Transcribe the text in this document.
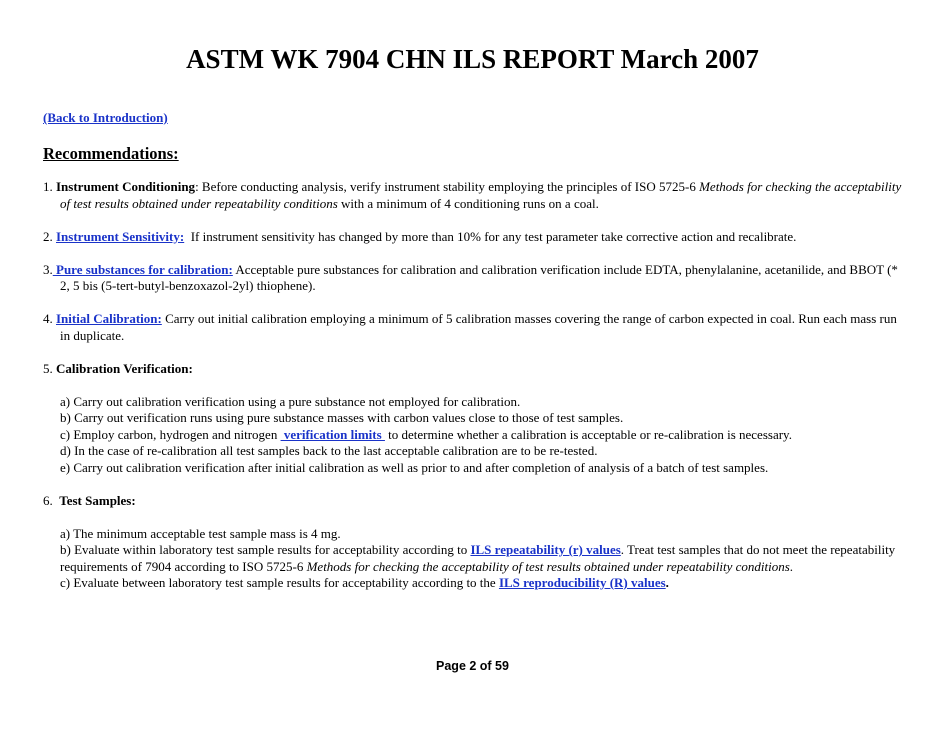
ASTM WK 7904 CHN ILS REPORT March 2007
(Back to Introduction)
Recommendations:
1. Instrument Conditioning: Before conducting analysis, verify instrument stability employing the principles of ISO 5725-6 Methods for checking the acceptability of test results obtained under repeatability conditions with a minimum of 4 conditioning runs on a coal.
2. Instrument Sensitivity:  If instrument sensitivity has changed by more than 10% for any test parameter take corrective action and recalibrate.
3. Pure substances for calibration: Acceptable pure substances for calibration and calibration verification include EDTA, phenylalanine, acetanilide, and BBOT (* 2, 5 bis (5-tert-butyl-benzoxazol-2yl) thiophene).
4. Initial Calibration: Carry out initial calibration employing a minimum of 5 calibration masses covering the range of carbon expected in coal. Run each mass run in duplicate.
5. Calibration Verification:
a) Carry out calibration verification using a pure substance not employed for calibration.
b) Carry out verification runs using pure substance masses with carbon values close to those of test samples.
c) Employ carbon, hydrogen and nitrogen  verification limits  to determine whether a calibration is acceptable or re-calibration is necessary.
d) In the case of re-calibration all test samples back to the last acceptable calibration are to be re-tested.
e) Carry out calibration verification after initial calibration as well as prior to and after completion of analysis of a batch of test samples.
6. Test Samples:
a) The minimum acceptable test sample mass is 4 mg.
b) Evaluate within laboratory test sample results for acceptability according to ILS repeatability (r) values. Treat test samples that do not meet the repeatability requirements of 7904 according to ISO 5725-6 Methods for checking the acceptability of test results obtained under repeatability conditions.
c) Evaluate between laboratory test sample results for acceptability according to the ILS reproducibility (R) values.
Page 2 of 59
